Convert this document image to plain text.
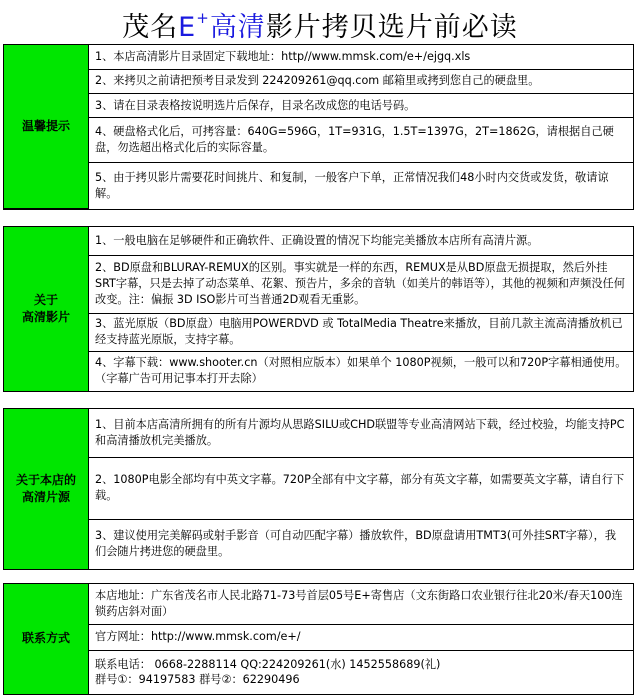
茂名E+高清影片拷贝选片前必读
温馨提示	1、本店高清影片目录固定下载地址：http//www.mmsk.com/e+/ejgq.xls
2、来拷贝之前请把预考目录发到 224209261@qq.com 邮箱里或拷到您自己的硬盘里。
3、请在目录表格按说明选片后保存，目录名改成您的电话号码。
4、硬盘格式化后，可拷容量：640G=596G，1T=931G，1.5T=1397G，2T=1862G，请根据自己硬盘，勿选超出格式化后的实际容量。
5、由于拷贝影片需要花时间挑片、和复制，一般客户下单，正常情况我们48小时内交货或发货，敬请谅解。
关于
高清影片
	1、一般电脑在足够硬件和正确软件、正确设置的情况下均能完美播放本店所有高清片源。
2、BD原盘和BLURAY-REMUX的区别。事实就是一样的东西，REMUX是从BD原盘无损提取，然后外挂SRT字幕，只是去掉了动态菜单、花絮、预告片，多余的音轨（如美片的韩语等），其他的视频和声频没任何改变。注：偏振 3D ISO影片可当普通2D观看无重影。
3、蓝光原版（BD原盘）电脑用POWERDVD 或 TotalMedia Theatre来播放，目前几款主流高清播放机已经支持蓝光原版，支持字幕。
4、字幕下载：www.shooter.cn（对照相应版本）如果单个 1080P视频，一般可以和720P字幕相通使用。（字幕广告可用记事本打开去除）
关于本店的
高清片源
	1、目前本店高清所拥有的所有片源均从思路SILU或CHD联盟等专业高清网站下载，经过校验，均能支持PC和高清播放机完美播放。
2、1080P电影全部均有中英文字幕。720P全部有中文字幕，部分有英文字幕，如需要英文字幕，请自行下载。
3、建议使用完美解码或射手影音（可自动匹配字幕）播放软件，BD原盘请用TMT3(可外挂SRT字幕），我们会随片拷进您的硬盘里。
联系方式	本店地址：广东省茂名市人民北路71-73号首层05号E+寄售店（文东街路口农业银行往北20米/春天100连锁药店斜对面）
官方网址：http://www.mmsk.com/e+/

联系电话： 0668-2288114 QQ:224209261(水) 1452558689(礼)
群号①：94197583 群号②：62290496
